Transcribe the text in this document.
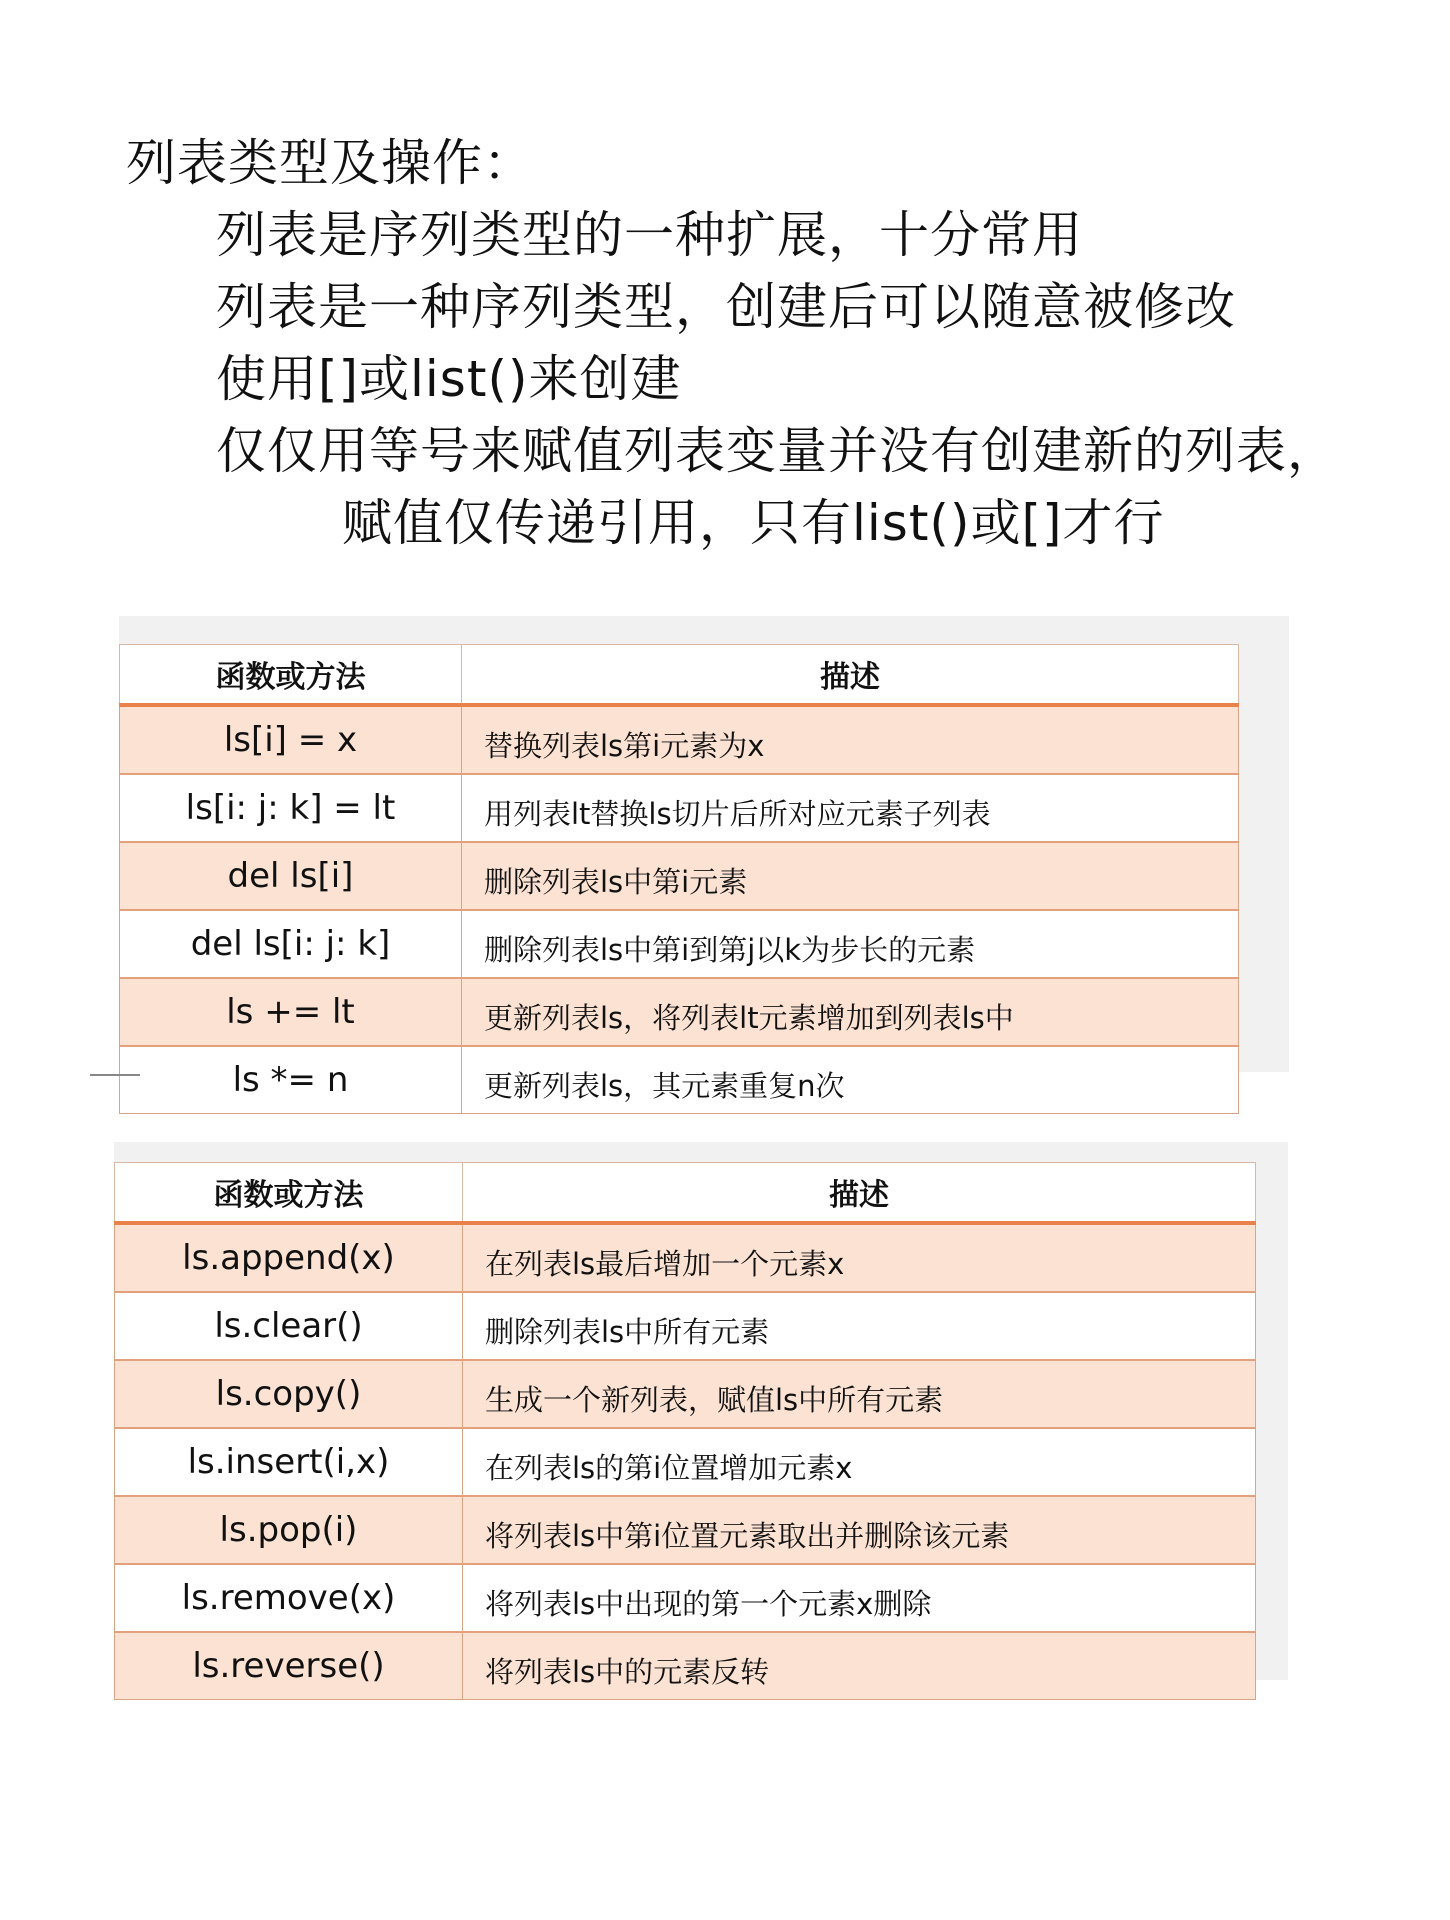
列表类型及操作：
列表是序列类型的一种扩展，十分常用
列表是一种序列类型，创建后可以随意被修改
使用[]或list()来创建
仅仅用等号来赋值列表变量并没有创建新的列表，
赋值仅传递引用，只有list()或[]才行
函数或方法	描述
ls[i] = x	替换列表ls第i元素为x
ls[i: j: k] = lt	用列表lt替换ls切片后所对应元素子列表
del ls[i]	删除列表ls中第i元素
del ls[i: j: k]	删除列表ls中第i到第j以k为步长的元素
ls += lt	更新列表ls，将列表lt元素增加到列表ls中
ls *= n	更新列表ls，其元素重复n次
函数或方法	描述
ls.append(x)	在列表ls最后增加一个元素x
ls.clear()	删除列表ls中所有元素
ls.copy()	生成一个新列表，赋值ls中所有元素
ls.insert(i,x)	在列表ls的第i位置增加元素x
ls.pop(i)	将列表ls中第i位置元素取出并删除该元素
ls.remove(x)	将列表ls中出现的第一个元素x删除
ls.reverse()	将列表ls中的元素反转
